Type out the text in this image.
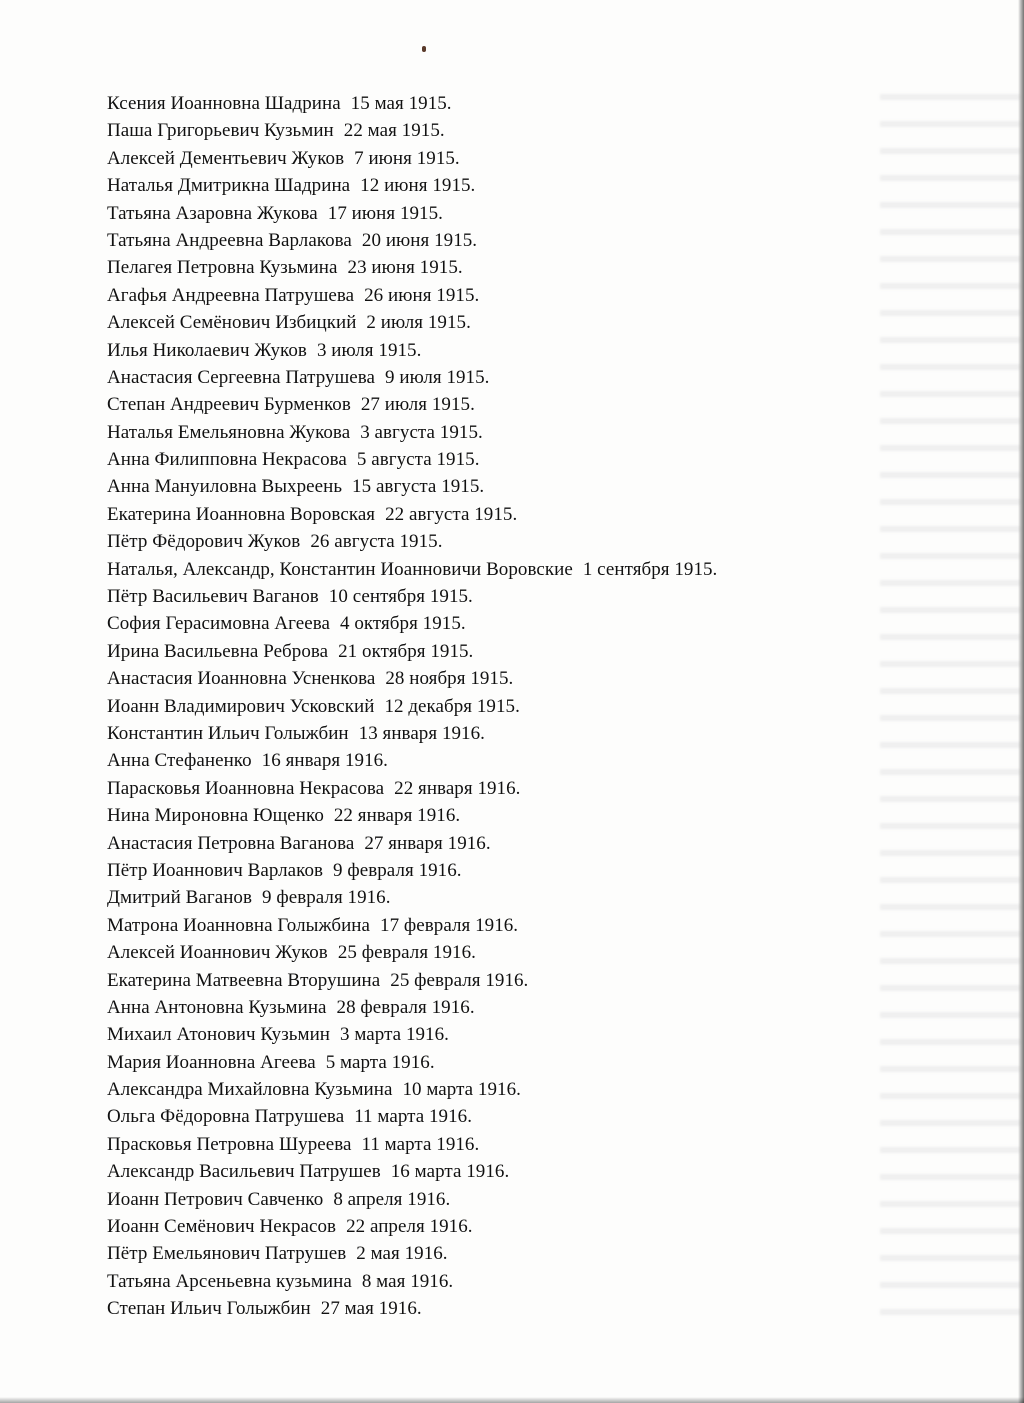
Ксения Иоанновна Шадрина 15 мая 1915.
Паша Григорьевич Кузьмин 22 мая 1915.
Алексей Дементьевич Жуков 7 июня 1915.
Наталья Дмитрикна Шадрина 12 июня 1915.
Татьяна Азаровна Жукова 17 июня 1915.
Татьяна Андреевна Варлакова 20 июня 1915.
Пелагея Петровна Кузьмина 23 июня 1915.
Агафья Андреевна Патрушева 26 июня 1915.
Алексей Семёнович Избицкий 2 июля 1915.
Илья Николаевич Жуков 3 июля 1915.
Анастасия Сергеевна Патрушева 9 июля 1915.
Степан Андреевич Бурменков 27 июля 1915.
Наталья Емельяновна Жукова 3 августа 1915.
Анна Филипповна Некрасова 5 августа 1915.
Анна Мануиловна Выхреень 15 августа 1915.
Екатерина Иоанновна Воровская 22 августа 1915.
Пётр Фёдорович Жуков 26 августа 1915.
Наталья, Александр, Константин Иоанновичи Воровские 1 сентября 1915.
Пётр Васильевич Ваганов 10 сентября 1915.
София Герасимовна Агеева 4 октября 1915.
Ирина Васильевна Реброва 21 октября 1915.
Анастасия Иоанновна Усненкова 28 ноября 1915.
Иоанн Владимирович Усковский 12 декабря 1915.
Константин Ильич Голыжбин 13 января 1916.
Анна Стефаненко 16 января 1916.
Парасковья Иоанновна Некрасова 22 января 1916.
Нина Мироновна Ющенко 22 января 1916.
Анастасия Петровна Ваганова 27 января 1916.
Пётр Иоаннович Варлаков 9 февраля 1916.
Дмитрий Ваганов 9 февраля 1916.
Матрона Иоанновна Голыжбина 17 февраля 1916.
Алексей Иоаннович Жуков 25 февраля 1916.
Екатерина Матвеевна Вторушина 25 февраля 1916.
Анна Антоновна Кузьмина 28 февраля 1916.
Михаил Атонович Кузьмин 3 марта 1916.
Мария Иоанновна Агеева 5 марта 1916.
Александра Михайловна Кузьмина 10 марта 1916.
Ольга Фёдоровна Патрушева 11 марта 1916.
Прасковья Петровна Шуреева 11 марта 1916.
Александр Васильевич Патрушев 16 марта 1916.
Иоанн Петрович Савченко 8 апреля 1916.
Иоанн Семёнович Некрасов 22 апреля 1916.
Пётр Емельянович Патрушев 2 мая 1916.
Татьяна Арсеньевна кузьмина 8 мая 1916.
Степан Ильич Голыжбин 27 мая 1916.
